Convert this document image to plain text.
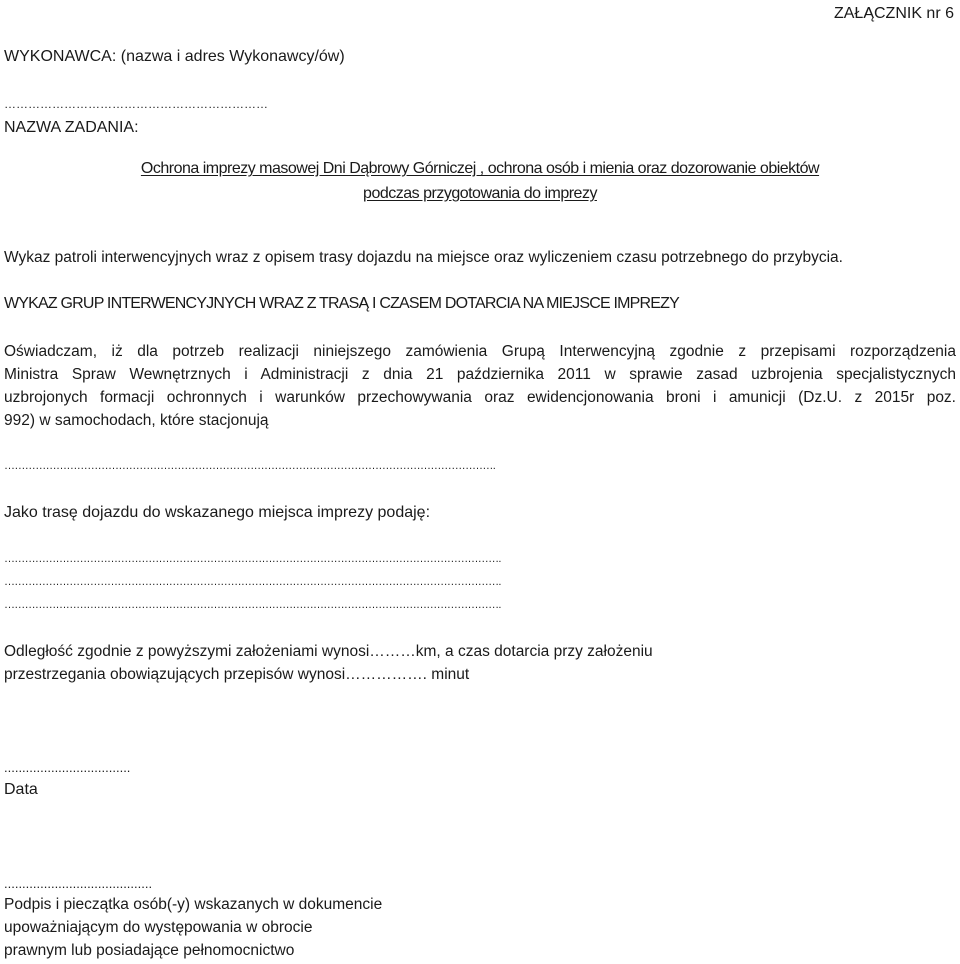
ZAŁĄCZNIK nr 6
WYKONAWCA: (nazwa i adres Wykonawcy/ów)
…………………………………………………………
NAZWA ZADANIA:
Ochrona imprezy masowej Dni Dąbrowy Górniczej , ochrona osób i mienia oraz dozorowanie obiektów
podczas przygotowania do imprezy
Wykaz patroli interwencyjnych wraz z opisem trasy dojazdu na miejsce oraz wyliczeniem czasu potrzebnego do przybycia.
WYKAZ GRUP INTERWENCYJNYCH WRAZ Z TRASĄ I CZASEM DOTARCIA NA MIEJSCE IMPREZY
Oświadczam, iż dla potrzeb realizacji niniejszego zamówienia Grupą Interwencyjną zgodnie z przepisami rozporządzenia
Ministra Spraw Wewnętrznych i Administracji z dnia 21 października 2011 w sprawie zasad uzbrojenia specjalistycznych
uzbrojonych formacji ochronnych i warunków przechowywania oraz ewidencjonowania broni i amunicji (Dz.U. z 2015r poz.
992) w samochodach, które stacjonują
…………………………………………………………………………………………………………………………….
Jako trasę dojazdu do wskazanego miejsca imprezy podaję:
……………………………………………………………………………………………………………………………….
……………………………………………………………………………………………………………………………….
……………………………………………………………………………………………………………………………….
Odległość zgodnie z powyższymi założeniami wynosi………km, a czas dotarcia przy założeniu
przestrzegania obowiązujących przepisów wynosi……………. minut
...................................
Data
.........................................
Podpis i pieczątka osób(-y) wskazanych w dokumencie
upoważniającym do występowania w obrocie
prawnym lub posiadające pełnomocnictwo
